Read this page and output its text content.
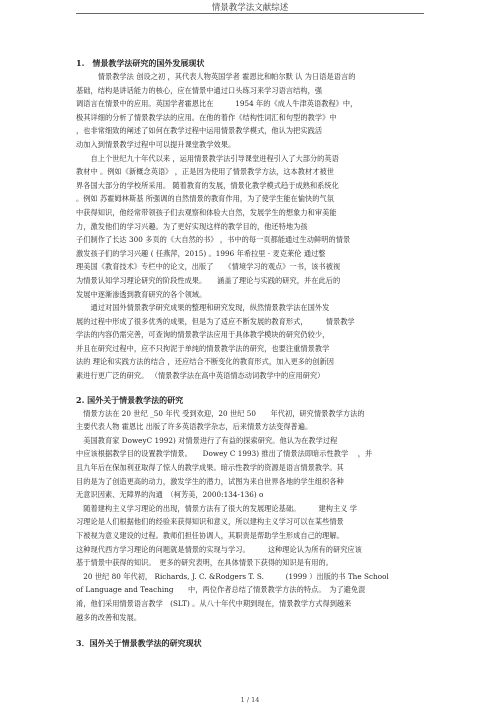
情景教学法文献综述
1.　情景教学法研究的国外发展现状
　　　情景教学法 创设之初 ，其代表人物英国学者 霍恩比和帕尔默 认 为日语是语言的
基础，结构是讲话能力的核心，应在情景中通过口头练习来学习语言结构，强
调语言在情景中的应用。英国学者霍恩比在　　　1954 年的《成人牛津英语教程》中，
极其详细的分析了情景教学法的应用。在他的着作《结构性词汇和句型的教学》中
，也非常细致的阐述了如何在教学过程中运用情景教学模式，他认为把实践活
动加入到情景教学过程中可以提升课堂教学效果。
　　自上个世纪九十年代以来 ，运用情景教学法引导课堂进程引入了大部分的英语
教材中 。例如《新概念英语》 ，正是因为使用了情景教学方法，这本教材才被世
界各国大部分的学校所采用。 随着教育的发展，情景化教学模式趋于成熟和系统化
。例如 苏霍姆林斯基 所强调的自然情景的教育作用，为了使学生能在愉快的气氛
中获得知识，他经常带领孩子们去观察和体验大自然，发展学生的想象力和审美能
力，激发他们的学习兴趣。为了更好实现这样的教学目的，他还特地为孩
子们制作了长达 300 多页的《大自然的书》 ，书中的每一页都能通过生动鲜明的情景
激发孩子们的学习兴趣 ( 任燕萍，2015) 。1996 年希拉里 · 麦克莱伦 通过整
理美国《教育技术》专栏中的论文，出版了　　《情境学习的观点》一书，该书被视
为情景认知学习理论研究的阶段性成果。　　涵盖了理论与实践的研究，并在此后的
发展中逐渐渗透到教育研究的各个领域。
　　通过对国外情景教学研究成果的整理和研究发现，纵然情景教学法在国外发
展的过程中形成了很多优秀的成果，但是为了适应不断发展的教育形式，　　　情景教学
学法的内容仍需完善，可查询的情景教学法应用于具体教学模块的研究仍较少，
并且在研究过程中，应不只拘泥于单纯的情景教学法的研究，也要注重情景教学
法的 理论和实践方法的结合 ，还应结合不断变化的教育形式，加入更多的创新因
素进行更广泛的研究。 （情景教学法在高中英语情态动词教学中的应用研究）
2. 国外关于情景教学法的研究
　情景方法在 20 世纪 _50 年代 受到欢迎，20 世纪 50　　年代初，研究情景教学方法的
主要代表人物 霍恩比 出版了许多英语教学杂志，后来情景方法变得普遍。
　美国教育家 DoweyC 1992) 对情景进行了有益的探索研究。他认为在教学过程
中应该根据教学目的设置教学情景。　　Dowey C 1993) 推出了情景法即暗示性教学　 ，并
且九年后在保加利亚取得了惊人的教学成果。暗示性教学的资源是语言情景教学。其
目的是为了创造更高的动力，激发学生的潜力，试图为来自世界各地的学生组织各种
无意识因素、无障界的沟通　（柯芳美，2000:134-136) o
　随着建构主义学习理论的出现，情景方法有了很大的发展理论基础。　　　建构主义 学
习理论是人们根据他们的经验来获得知识和意义，所以建构主义学习可以在某些情景
下被视为意义建设的过程。教师们担任协调人，其职责是帮助学生形成自己的理解。
这种现代西方学习理论的问题就是情景的实现与学习。　　　这种理论认为所有的研究应该
基于情景中获得的知识。　更多的研究表明，在具体情景下获得的知识是有用的。
　20 世纪 80 年代初， Richards, J. C. &Rodgers T. S.　　　(1999 ）出版的书 The School
of Language and Teaching　　中，两位作者总结了情景教学方法的特点。　为了避免混
淆，他们采用情景语言教学　(SLT) 。从八十年代中期到现在，情景教学方式得到越来
越多的改善和发展。
3．国外关于情景教学法的研究现状
1 / 14
